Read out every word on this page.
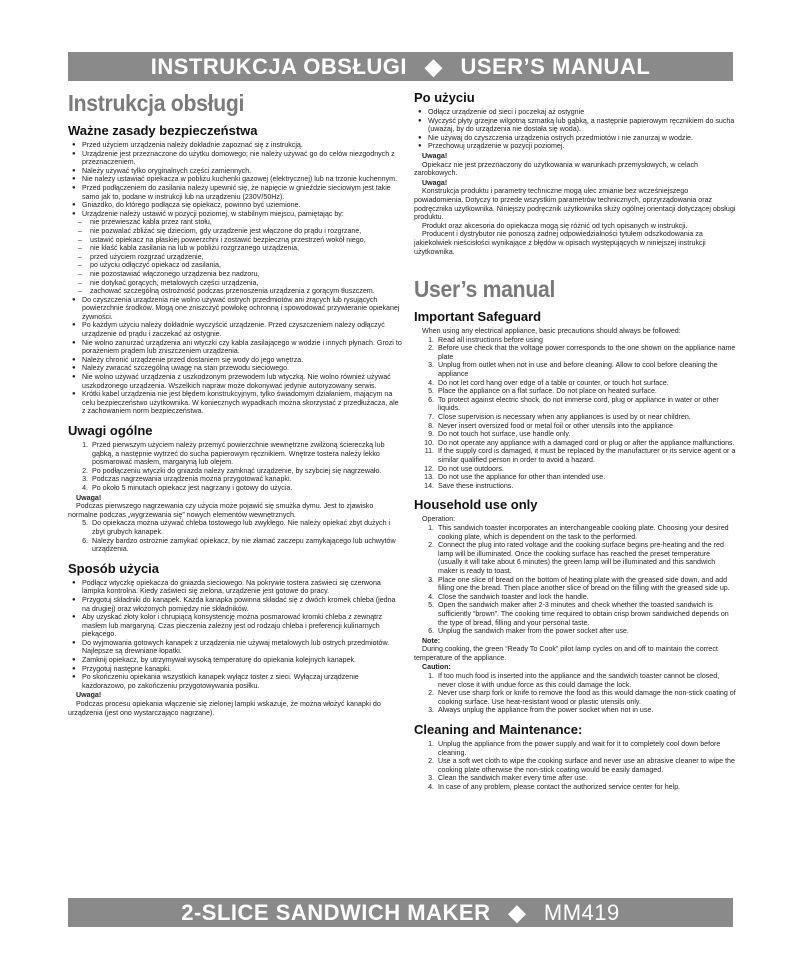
INSTRUKCJA OBSŁUGI ◆ USER’S MANUAL
Instrukcja obsługi
Ważne zasady bezpieczeństwa
● Przed użyciem urządzenia należy dokładnie zapoznać się z instrukcją.
● Urządzenie jest przeznaczone do użytku domowego; nie należy używać go do celów niezgodnych z przeznaczeniem.
● Należy używać tylko oryginalnych części zamiennych.
● Nie należy ustawiać opiekacza w pobliżu kuchenki gazowej (elektrycznej) lub na trzonie kuchennym.
● Przed podłączeniem do zasilania należy upewnić się, że napięcie w gnieździe sieciowym jest takie samo jak to, podane w instrukcji lub na urządzeniu (230V/50Hz).
● Gniazdko, do którego podłącza się opiekacz, powinno być uziemione.
● Urządzenie należy ustawić w pozycji poziomej, w stabilnym miejscu, pamiętając by:
– nie przewieszać kabla przez rant stołu,
– nie pozwalać zbliżać się dzieciom, gdy urządzenie jest włączone do prądu i rozgrzane,
– ustawić opiekacz na płaskiej powierzchni i zostawić bezpieczną przestrzeń wokół niego,
– nie kłaść kabla zasilania na lub w pobliżu rozgrzanego urządzenia,
– przed użyciem rozgrzać urządzenie,
– po użyciu odłączyć opiekacz od zasilania,
– nie pozostawiać włączonego urządzenia bez nadzoru,
– nie dotykać gorących, metalowych części urządzenia,
– zachować szczególną ostrożność podczas przenoszenia urządzenia z gorącym tłuszczem.
● Do czyszczenia urządzenia nie wolno używać ostrych przedmiotów ani żrących lub rysujących powierzchnie środków. Mogą one zniszczyć powłokę ochronną i spowodować przywieranie opiekanej żywności.
● Po każdym użyciu należy dokładnie wyczyścić urządzenie. Przed czyszczeniem należy odłączyć urządzenie od prądu i zaczekać aż ostygnie.
● Nie wolno zanurzać urządzenia ani wtyczki czy kabla zasilającego w wodzie i innych płynach. Grozi to porażeniem prądem lub zniszczeniem urządzenia.
● Należy chronić urządzenie przed dostaniem się wody do jego wnętrza.
● Należy zwracać szczególną uwagę na stan przewodu sieciowego.
● Nie wolno używać urządzenia z uszkodzonym przewodem lub wtyczką. Nie wolno również używać uszkodzonego urządzenia. Wszelkich napraw może dokonywać jedynie autoryzowany serwis.
● Krótki kabel urządzenia nie jest błędem konstrukcyjnym, tylko świadomym działaniem, mającym na celu bezpieczeństwo użytkownika. W koniecznych wypadkach można skorzystać z przedłużacza, ale z zachowaniem norm bezpieczeństwa.
Uwagi ogólne
1. Przed pierwszym użyciem należy przemyć powierzchnie wewnętrzne zwilżoną ściereczką lub gąbką, a następnie wytrzeć do sucha papierowym ręcznikiem. Wnętrze tostera należy lekko posmarować masłem, margaryną lub olejem.
2. Po podłączeniu wtyczki do gniazda należy zamknąć urządzenie, by szybciej się nagrzewało.
3. Podczas nagrzewania urządzenia można przygotować kanapki.
4. Po około 5 minutach opiekacz jest nagrzany i gotowy do użycia.
Uwaga!

Podczas pierwszego nagrzewania czy użycia może pojawić się smużka dymu. Jest to zjawisko normalne podczas „wygrzewania się” nowych elementów wewnętrznych.

5. Do opiekacza można używać chleba tostowego lub zwykłego. Nie należy opiekać zbyt dużych i zbyt grubych kanapek.
6. Należy bardzo ostrożnie zamykać opiekacz, by nie złamać zaczepu zamykającego lub uchwytów urządzenia.
Sposób użycia
● Podłącz wtyczkę opiekacza do gniazda sieciowego. Na pokrywie tostera zaświeci się czerwona lampka kontrolna. Kiedy zaświeci się zielona, urządzenie jest gotowe do pracy.
● Przygotuj składniki do kanapek. Każda kanapka powinna składać się z dwóch kromek chleba (jedna na drugiej) oraz włożonych pomiędzy nie składników.
● Aby uzyskać złoty kolor i chrupiącą konsystencję można posmarować kromki chleba z zewnątrz masłem lub margaryną. Czas pieczenia zależny jest od rodzaju chleba i preferencji kulinarnych piekącego.
● Do wyjmowania gotowych kanapek z urządzenia nie używaj metalowych lub ostrych przedmiotów. Najlepsze są drewniane łopatki.
● Zamknij opiekacz, by utrzymywał wysoką temperaturę do opiekania kolejnych kanapek.
● Przygotuj następne kanapki.
● Po skończeniu opiekania wszystkich kanapek wyłącz toster z sieci. Wyłączaj urządzenie każdorazowo, po zakończeniu przygotowywania posiłku.
Uwaga!

Podczas procesu opiekania włączenie się zielonej lampki wskazuje, że można włożyć kanapki do urządzenia (jest ono wystarczająco nagrzane).

Po użyciu
● Odłącz urządzenie od sieci i poczekaj aż ostygnie
● Wyczyść płyty grzejne wilgotną szmatką lub gąbką, a następnie papierowym ręcznikiem do sucha (uważaj, by do urządzenia nie dostała się woda).
● Nie używaj do czyszczenia urządzenia ostrych przedmiotów i nie zanurzaj w wodzie.
● Przechowuj urządzenie w pozycji poziomej.
Uwaga!

Opiekacz nie jest przeznaczony do użytkowania w warunkach przemysłowych, w celach zarobkowych.

Uwaga!

Konstrukcja produktu i parametry techniczne mogą ulec zmianie bez wcześniejszego powiadomienia. Dotyczy to przede wszystkim parametrów technicznych, oprzyrządowania oraz podręcznika użytkownika. Niniejszy podręcznik użytkownika służy ogólnej orientacji dotyczącej obsługi produktu.

Produkt oraz akcesoria do opiekacza mogą się różnić od tych opisanych w instrukcji.

Producent i dystrybutor nie ponoszą żadnej odpowiedzialności tytułem odszkodowania za jakiekolwiek nieścisłości wynikające z błędów w opisach występujących w niniejszej instrukcji użytkownika.

User’s manual
Important Safeguard

When using any electrical appliance, basic precautions should always be followed:

1. Read all instructions before using
2. Before use check that the voltage power corresponds to the one shown on the appliance name plate
3. Unplug from outlet when not in use and before cleaning. Allow to cool before cleaning the appliance
4. Do not let cord hang over edge of a table or counter, or touch hot surface.
5. Place the appliance on a flat surface. Do not place on heated surface.
6. To protect against electric shock, do not immerse cord, plug or appliance in water or other liquids.
7. Close supervision is necessary when any appliances is used by or near children.
8. Never insert oversized food or metal foil or other utensils into the appliance
9. Do not touch hot surface, use handle only.
10. Do not operate any appliance with a damaged cord or plug or after the appliance malfunctions.
11. If the supply cord is damaged, it must be replaced by the manufacturer or its service agent or a similar qualified person in order to avoid a hazard.
12. Do not use outdoors.
13. Do not use the appliance for other than intended use.
14. Save these instructions.
Household use only

Operation:

1. This sandwich toaster incorporates an interchangeable cooking plate. Choosing your desired cooking plate, which is dependent on the task to the performed.
2. Connect the plug into rated voltage and the cooking surface begins pre-heating and the red lamp will be illuminated. Once the cooking surface has reached the preset temperature (usually it will take about 6 minutes) the green lamp will be illuminated and this sandwich maker is ready to toast.
3. Place one slice of bread on the bottom of heating plate with the greased side down, and add filling one the bread. Then place another slice of bread on the filling with the greased side up.
4. Close the sandwich toaster and lock the handle.
5. Open the sandwich maker after 2-3 minutes and check whether the toasted sandwich is sufficiently “brown”. The cooking time required to obtain crisp brown sandwiched depends on the type of bread, filling and your personal taste.
6. Unplug the sandwich maker from the power socket after use.
Note:

During cooking, the green “Ready To Cook” pilot lamp cycles on and off to maintain the correct temperature of the appliance.

Caution:
1. If too much food is inserted into the appliance and the sandwich toaster cannot be closed, never close it with undue force as this could damage the lock.
2. Never use sharp fork or knife to remove the food as this would damage the non-stick coating of cooking surface. Use heat-resistant wood or plastic utensils only.
3. Always unplug the appliance from the power socket when not in use.
Cleaning and Maintenance:
1. Unplug the appliance from the power supply and wait for it to completely cool down before cleaning.
2. Use a soft wet cloth to wipe the cooking surface and never use an abrasive cleaner to wipe the cooking plate otherwise the non-stick coating would be easily damaged.
3. Clean the sandwich maker every time after use.
4. In case of any problem, please contact the authorized service center for help.
2-SLICE SANDWICH MAKER ◆ MM419
